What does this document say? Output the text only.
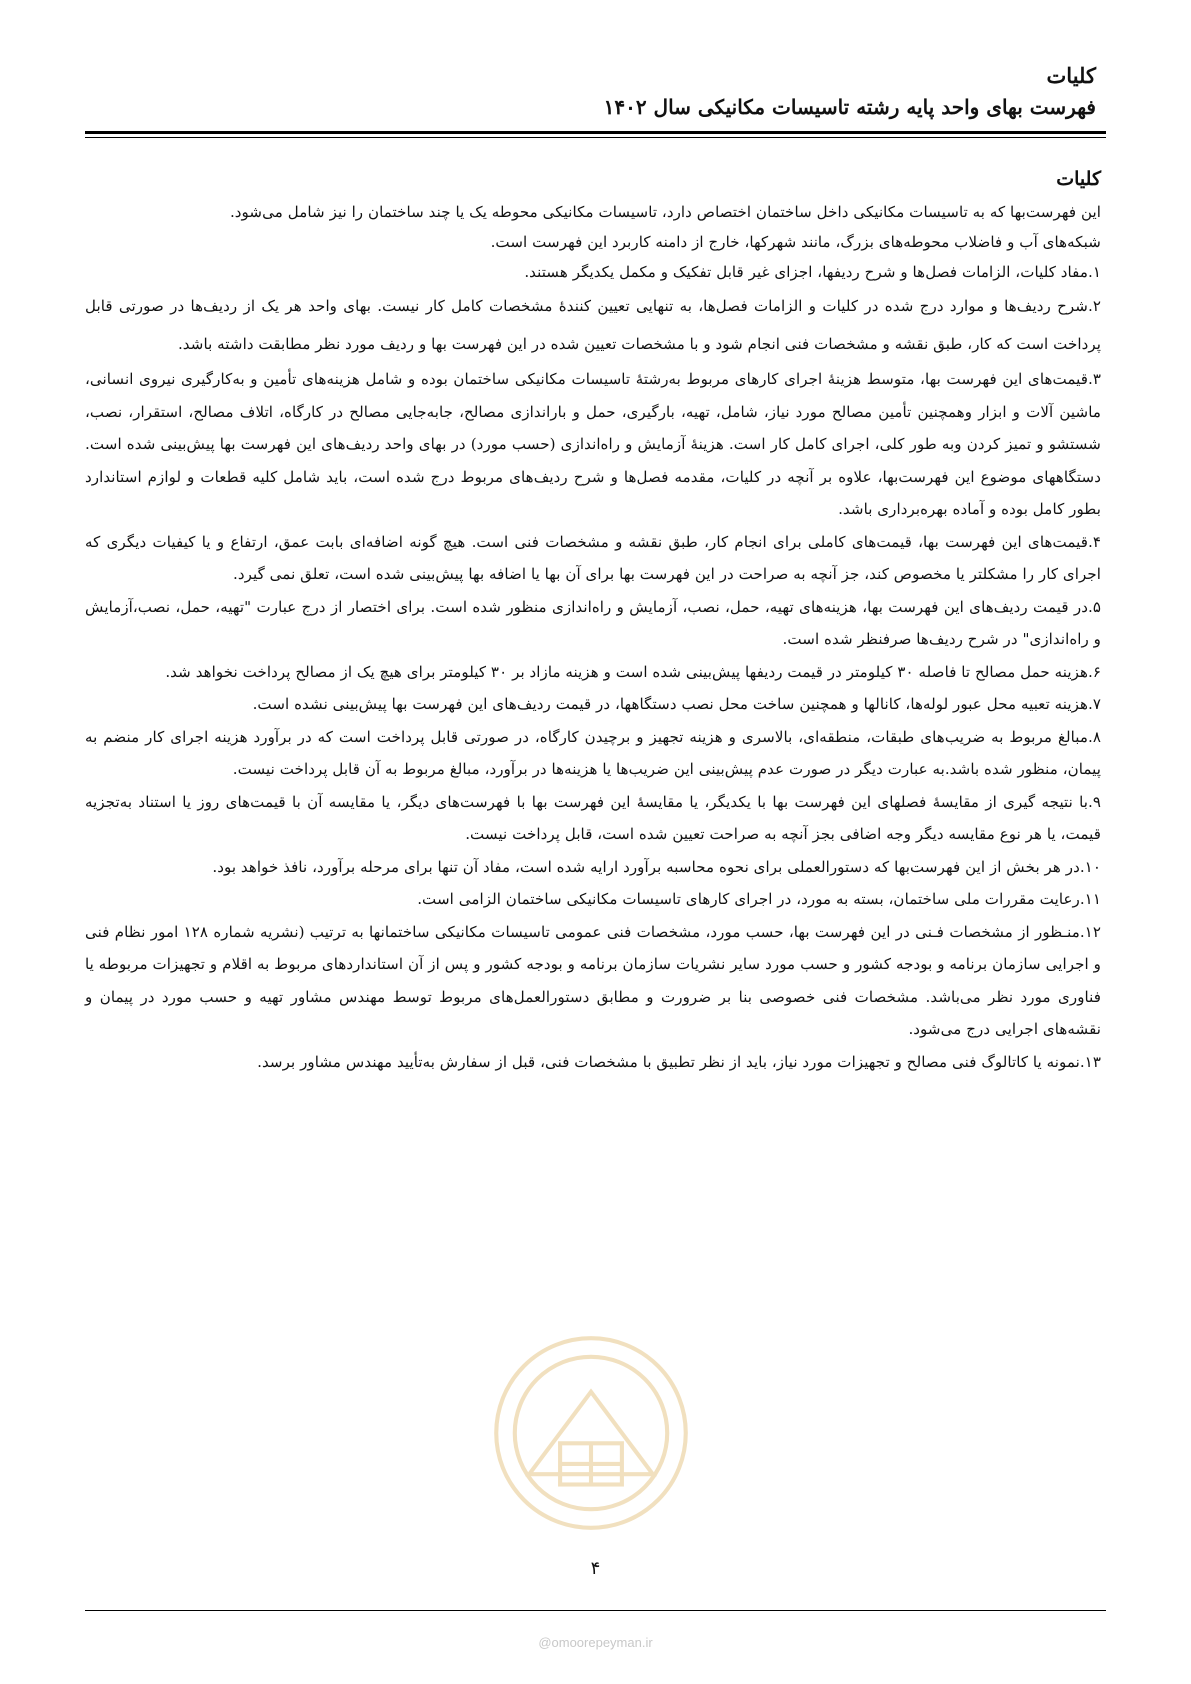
کلیات
فهرست بهای واحد پایه رشته تاسیسات مکانیکی سال ۱۴۰۲
کلیات

این فهرست‌بها که به تاسیسات مکانیکی داخل ساختمان اختصاص دارد، تاسیسات مکانیکی محوطه یک یا چند ساختمان را نیز شامل می‌شود.

شبکه‌های آب و فاضلاب محوطه‌های بزرگ، مانند شهرکها، خارج از دامنه کاربرد این فهرست است.

۱.مفاد کلیات، الزامات فصل‌ها و شرح ردیفها، اجزای غیر قابل تفکیک و مکمل یکدیگر هستند.

۲.شرح ردیف‌ها و موارد درج شده در کلیات و الزامات فصل‌ها، به تنهایی تعیین کنندهٔ مشخصات کامل کار نیست. بهای واحد هر یک از ردیف‌ها در صورتی قابل پرداخت است که کار، طبق نقشه و مشخصات فنی انجام شود و با مشخصات تعیین شده در این فهرست بها و ردیف مورد نظر مطابقت داشته باشد.

۳.قیمت‌های این فهرست بها، متوسط هزینهٔ اجرای کارهای مربوط به‌رشتهٔ تاسیسات مکانیکی ساختمان بوده و شامل هزینه‌های تأمین و به‌کارگیری نیروی انسانی، ماشین آلات و ابزار وهمچنین تأمین مصالح مورد نیاز، شامل، تهیه، بارگیری، حمل و باراندازی مصالح، جابه‌جایی مصالح در کارگاه، اتلاف مصالح، استقرار، نصب، شستشو و تمیز کردن وبه طور کلی، اجرای کامل کار است. هزینهٔ آزمایش و راه‌اندازی (حسب مورد) در بهای واحد ردیف‌های این فهرست بها پیش‌بینی شده است. دستگاههای موضوع این فهرست‌بها، علاوه بر آنچه در کلیات، مقدمه فصل‌ها و شرح ردیف‌های مربوط درج شده است، باید شامل کلیه قطعات و لوازم استاندارد بطور کامل بوده و آماده بهره‌برداری باشد.

۴.قیمت‌های این فهرست بها، قیمت‌های کاملی برای انجام کار، طبق نقشه و مشخصات فنی است. هیچ گونه اضافه‌ای بابت عمق، ارتفاع و یا کیفیات دیگری که اجرای کار را مشکلتر یا مخصوص کند، جز آنچه به صراحت در این فهرست بها برای آن بها یا اضافه بها پیش‌بینی شده است، تعلق نمی گیرد.

۵.در قیمت ردیف‌های این فهرست بها، هزینه‌های تهیه، حمل، نصب، آزمایش و راه‌اندازی منظور شده است. برای اختصار از درج عبارت "تهیه، حمل، نصب،آزمایش و راه‌اندازی" در شرح ردیف‌ها صرفنظر شده است.

۶.هزینه حمل مصالح تا فاصله ۳۰ کیلومتر در قیمت ردیفها پیش‌بینی شده است و هزینه مازاد بر ۳۰ کیلومتر برای هیچ یک از مصالح پرداخت نخواهد شد.

۷.هزینه تعبیه محل عبور لوله‌ها، کانالها و همچنین ساخت محل نصب دستگاهها، در قیمت ردیف‌های این فهرست بها پیش‌بینی نشده است.

۸.مبالغ مربوط به ضریب‌های طبقات، منطقه‌ای، بالاسری و هزینه تجهیز و برچیدن کارگاه، در صورتی قابل پرداخت است که در برآورد هزینه اجرای کار منضم به پیمان، منظور شده باشد.به عبارت دیگر در صورت عدم پیش‌بینی این ضریب‌ها یا هزینه‌ها در برآورد، مبالغ مربوط به آن قابل پرداخت نیست.

۹.با نتیجه گیری از مقایسهٔ فصلهای این فهرست بها با یکدیگر، یا مقایسهٔ این فهرست بها با فهرست‌های دیگر، یا مقایسه آن با قیمت‌های روز یا استناد به‌تجزیه قیمت، یا هر نوع مقایسه دیگر وجه اضافی بجز آنچه به صراحت تعیین شده است، قابل پرداخت نیست.

۱۰.در هر بخش از این فهرست‌بها که دستورالعملی برای نحوه محاسبه برآورد ارایه شده است، مفاد آن تنها برای مرحله برآورد، نافذ خواهد بود.

۱۱.رعایت مقررات ملی ساختمان، بسته به مورد، در اجرای کارهای تاسیسات مکانیکی ساختمان الزامی است.

۱۲.منـظور از مشخصات فـنی در این فهرست بها، حسب مورد، مشخصات فنی عمومی تاسیسات مکانیکی ساختمانها به ترتیب (نشریه شماره ۱۲۸ امور نظام فنی و اجرایی سازمان برنامه و بودجه کشور و حسب مورد سایر نشریات سازمان برنامه و بودجه کشور و پس از آن استانداردهای مربوط به اقلام و تجهیزات مربوطه یا فناوری مورد نظر می‌باشد. مشخصات فنی خصوصی بنا بر ضرورت و مطابق دستورالعمل‌های مربوط توسط مهندس مشاور تهیه و حسب مورد در پیمان و نقشه‌های اجرایی درج می‌شود.

۱۳.نمونه یا کاتالوگ فنی مصالح و تجهیزات مورد نیاز، باید از نظر تطبیق با مشخصات فنی، قبل از سفارش به‌تأیید مهندس مشاور برسد.

۴
@omoorepeyman.ir
